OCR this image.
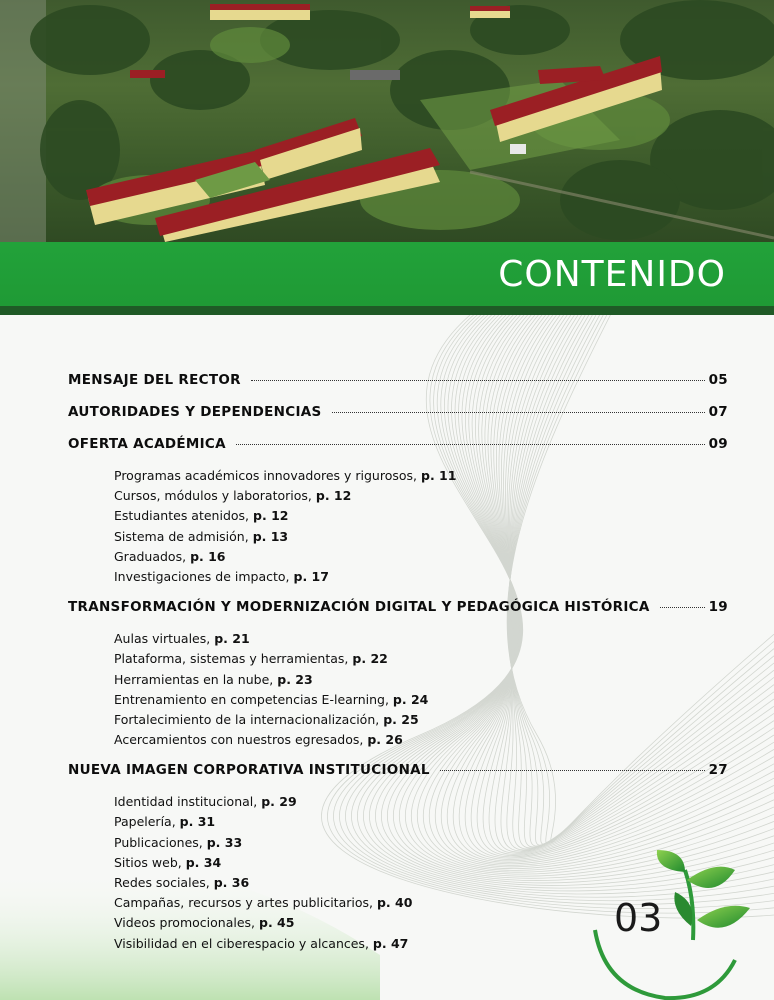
CONTENIDO
MENSAJE DEL RECTOR	05
AUTORIDADES Y DEPENDENCIAS	07
OFERTA ACADÉMICA	09
Programas académicos innovadores y rigurosos, p. 11
Cursos, módulos y laboratorios, p. 12
Estudiantes atenidos, p. 12
Sistema de admisión, p. 13
Graduados, p. 16
Investigaciones de impacto, p. 17
TRANSFORMACIÓN Y MODERNIZACIÓN DIGITAL Y PEDAGÓGICA HISTÓRICA	19
Aulas virtuales, p. 21
Plataforma, sistemas y herramientas, p. 22
Herramientas en la nube, p. 23
Entrenamiento en competencias E-learning, p. 24
Fortalecimiento de la internacionalización, p. 25
Acercamientos con nuestros egresados, p. 26
NUEVA IMAGEN CORPORATIVA INSTITUCIONAL	27
Identidad institucional, p. 29
Papelería, p. 31
Publicaciones, p. 33
Sitios web, p. 34
Redes sociales, p. 36
Campañas, recursos y artes publicitarios, p. 40
Videos promocionales, p. 45
Visibilidad en el ciberespacio y alcances, p. 47

03
